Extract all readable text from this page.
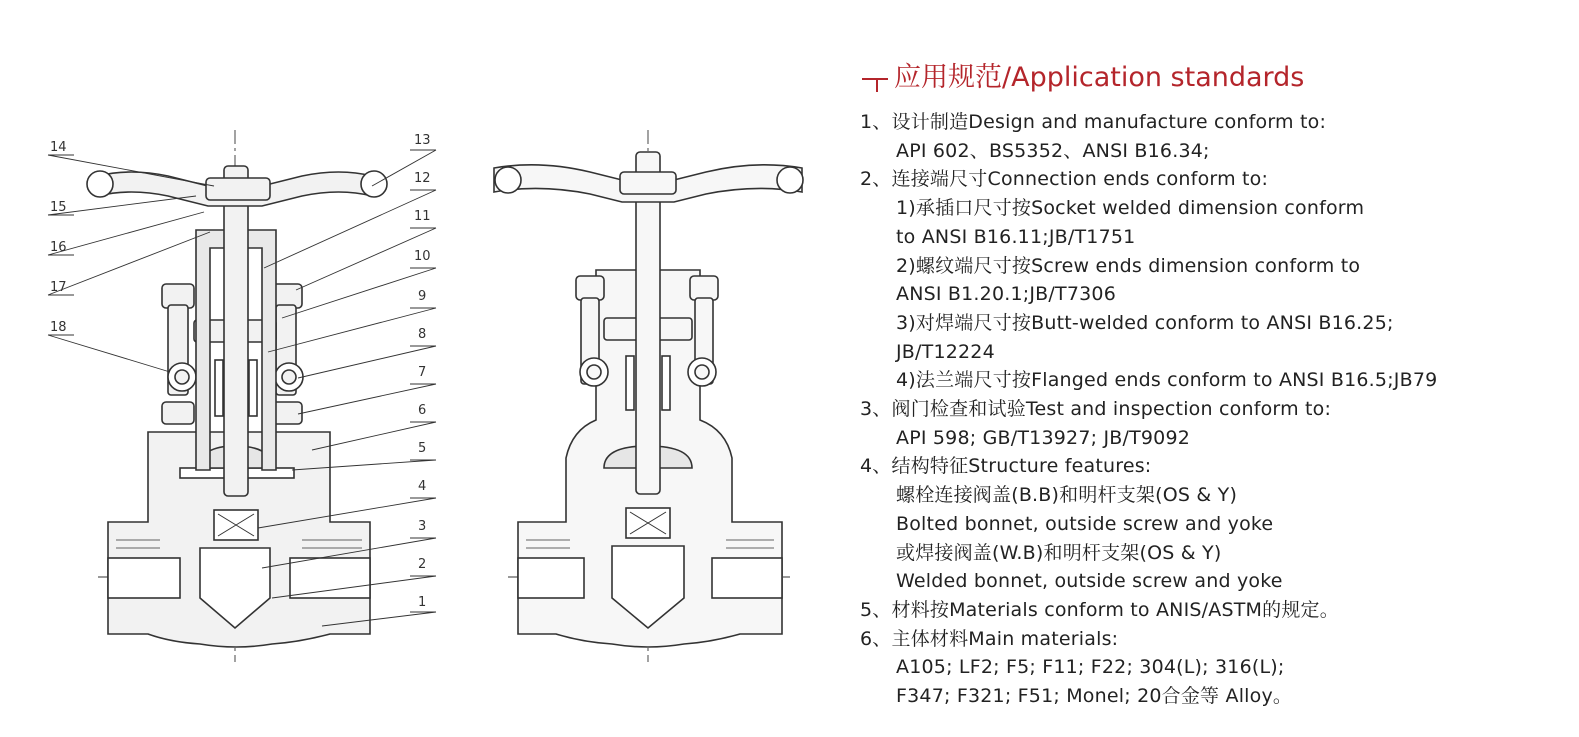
1
2
3
4
5
6
7
8
9
10
11
12
13
14
15
16
17
18
应用规范/Application standards
1、设计制造Design and manufacture conform to:
API 602、BS5352、ANSI B16.34;
2、连接端尺寸Connection ends conform to:
1)承插口尺寸按Socket welded dimension conform
to ANSI B16.11;JB/T1751
2)螺纹端尺寸按Screw ends dimension conform to
ANSI B1.20.1;JB/T7306
3)对焊端尺寸按Butt-welded conform to ANSI B16.25;
JB/T12224
4)法兰端尺寸按Flanged ends conform to ANSI B16.5;JB79
3、阀门检查和试验Test and inspection conform to:
API 598; GB/T13927; JB/T9092
4、结构特征Structure features:
螺栓连接阀盖(B.B)和明杆支架(OS & Y)
Bolted bonnet, outside screw and yoke
或焊接阀盖(W.B)和明杆支架(OS & Y)
Welded bonnet, outside screw and yoke
5、材料按Materials conform to ANIS/ASTM的规定。
6、主体材料Main materials:
A105; LF2; F5; F11; F22; 304(L); 316(L);
F347; F321; F51; Monel; 20合金等 Alloy。
